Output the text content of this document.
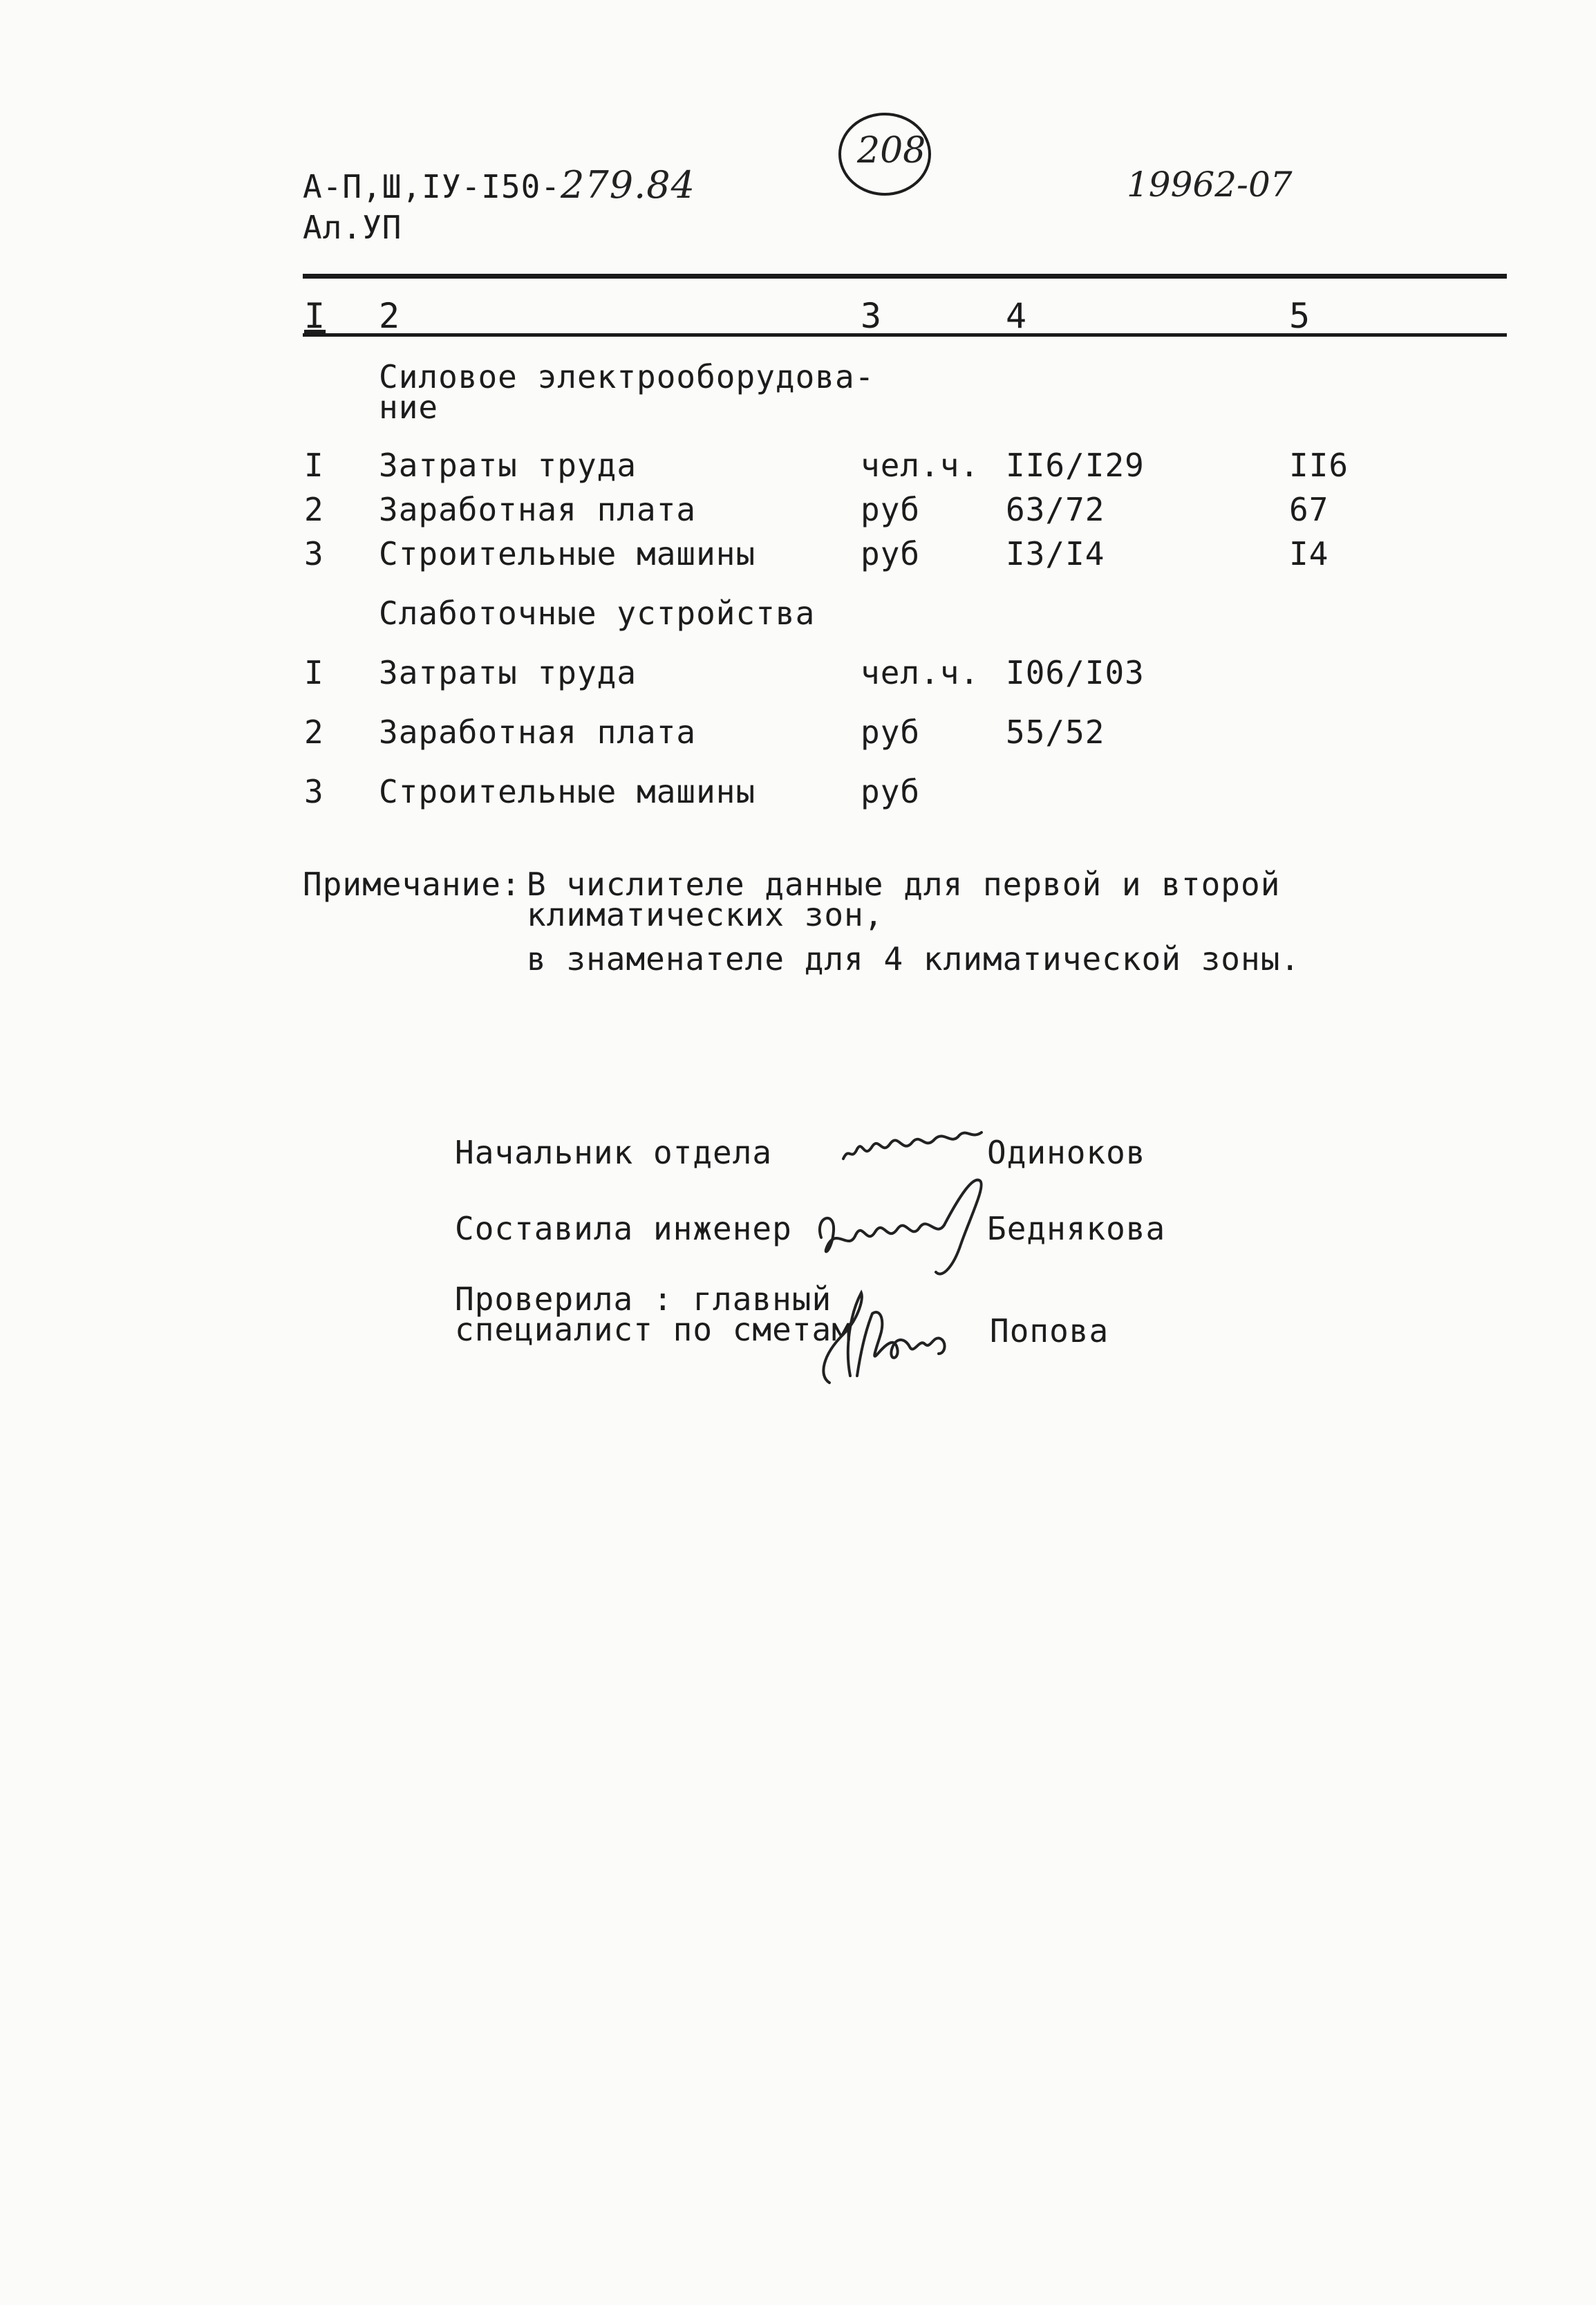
А-П,Ш,IУ-I50-279.84
Ал.УП
208
19962-07
I 2	3	4	5
Силовое электрооборудова-
ние
I Затраты труда	чел.ч. II6/I29	II6
2 Заработная плата	руб	63/72	67
3 Строительные машины	руб	I3/I4	I4
Слаботочные устройства
I Затраты труда	чел.ч. I06/I03
2 Заработная плата	руб	55/52
3 Строительные машины	руб
Примечание: В числителе данные для первой и второй
климатических зон,
в знаменателе для 4 климатической зоны.
Начальник отдела	Одиноков
Составила инженер	Беднякова
Проверила : главный
специалист по сметам	Попова
